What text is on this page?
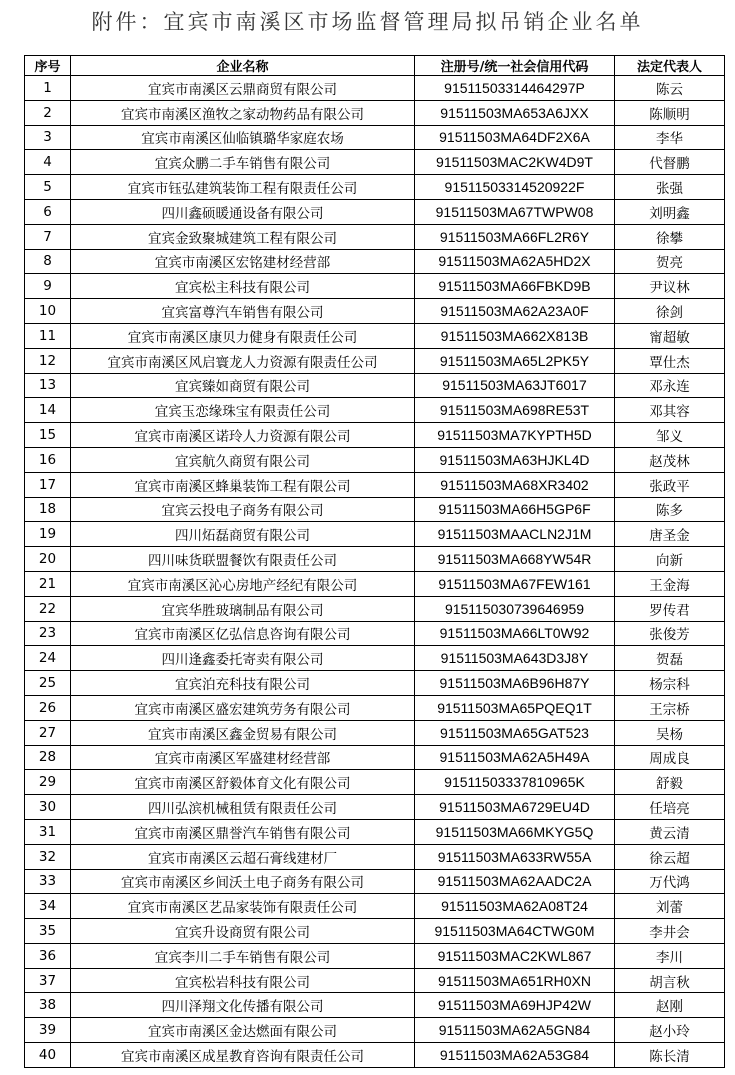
附件：宜宾市南溪区市场监督管理局拟吊销企业名单
序号	企业名称	注册号/统一社会信用代码	法定代表人
1	宜宾市南溪区云鼎商贸有限公司	91511503314464297P	陈云
2	宜宾市南溪区渔牧之家动物药品有限公司	91511503MA653A6JXX	陈顺明
3	宜宾市南溪区仙临镇璐华家庭农场	91511503MA64DF2X6A	李华
4	宜宾众鹏二手车销售有限公司	91511503MAC2KW4D9T	代督鹏
5	宜宾市钰弘建筑装饰工程有限责任公司	91511503314520922F	张强
6	四川鑫硕暖通设备有限公司	91511503MA67TWPW08	刘明鑫
7	宜宾金致聚城建筑工程有限公司	91511503MA66FL2R6Y	徐攀
8	宜宾市南溪区宏铭建材经营部	91511503MA62A5HD2X	贺亮
9	宜宾松主科技有限公司	91511503MA66FBKD9B	尹议林
10	宜宾富尊汽车销售有限公司	91511503MA62A23A0F	徐剑
11	宜宾市南溪区康贝力健身有限责任公司	91511503MA662X813B	甯超敏
12	宜宾市南溪区风启寰龙人力资源有限责任公司	91511503MA65L2PK5Y	覃仕杰
13	宜宾臻如商贸有限公司	91511503MA63JT6017	邓永连
14	宜宾玉恋缘珠宝有限责任公司	91511503MA698RE53T	邓其容
15	宜宾市南溪区诺玲人力资源有限公司	91511503MA7KYPTH5D	邹义
16	宜宾航久商贸有限公司	91511503MA63HJKL4D	赵茂林
17	宜宾市南溪区蜂巢装饰工程有限公司	91511503MA68XR3402	张政平
18	宜宾云投电子商务有限公司	91511503MA66H5GP6F	陈多
19	四川炻磊商贸有限公司	91511503MAACLN2J1M	唐圣金
20	四川味货联盟餐饮有限责任公司	91511503MA668YW54R	向新
21	宜宾市南溪区沁心房地产经纪有限公司	91511503MA67FEW161	王金海
22	宜宾华胜玻璃制品有限公司	915115030739646959	罗传君
23	宜宾市南溪区亿弘信息咨询有限公司	91511503MA66LT0W92	张俊芳
24	四川逢鑫委托寄卖有限公司	91511503MA643D3J8Y	贺磊
25	宜宾泊充科技有限公司	91511503MA6B96H87Y	杨宗科
26	宜宾市南溪区盛宏建筑劳务有限公司	91511503MA65PQEQ1T	王宗桥
27	宜宾市南溪区鑫金贸易有限公司	91511503MA65GAT523	吴杨
28	宜宾市南溪区军盛建材经营部	91511503MA62A5H49A	周成良
29	宜宾市南溪区舒毅体育文化有限公司	91511503337810965K	舒毅
30	四川弘滨机械租赁有限责任公司	91511503MA6729EU4D	任培亮
31	宜宾市南溪区鼎誉汽车销售有限公司	91511503MA66MKYG5Q	黄云清
32	宜宾市南溪区云超石膏线建材厂	91511503MA633RW55A	徐云超
33	宜宾市南溪区乡间沃土电子商务有限公司	91511503MA62AADC2A	万代鸿
34	宜宾市南溪区艺品家装饰有限责任公司	91511503MA62A08T24	刘蕾
35	宜宾升设商贸有限公司	91511503MA64CTWG0M	李井会
36	宜宾李川二手车销售有限公司	91511503MAC2KWL867	李川
37	宜宾松岩科技有限公司	91511503MA651RH0XN	胡言秋
38	四川泽翔文化传播有限公司	91511503MA69HJP42W	赵刚
39	宜宾市南溪区金达燃面有限公司	91511503MA62A5GN84	赵小玲
40	宜宾市南溪区成星教育咨询有限责任公司	91511503MA62A53G84	陈长清
